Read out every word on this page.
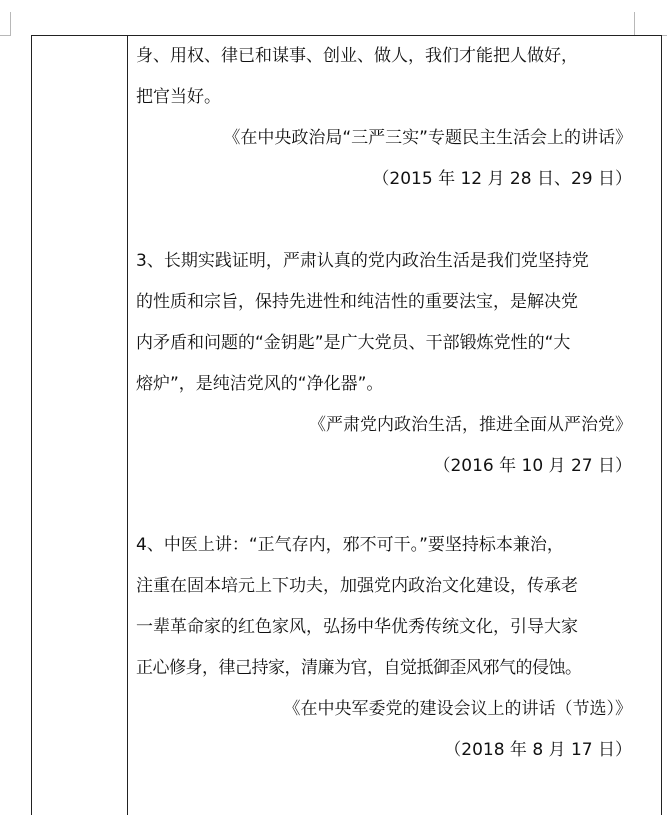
身、用权、律已和谋事、创业、做人，我们才能把人做好，
把官当好。
《在中央政治局“三严三实”专题民主生活会上的讲话》
（2015 年 12 月 28 日、29 日）
3、长期实践证明，严肃认真的党内政治生活是我们党坚持党
的性质和宗旨，保持先进性和纯洁性的重要法宝，是解决党
内矛盾和问题的“金钥匙”是广大党员、干部锻炼党性的“大
熔炉”，是纯洁党风的“净化器”。
《严肃党内政治生活，推进全面从严治党》
（2016 年 10 月 27 日）
4、中医上讲：“正气存内，邪不可干。”要坚持标本兼治，
注重在固本培元上下功夫，加强党内政治文化建设，传承老
一辈革命家的红色家风，弘扬中华优秀传统文化，引导大家
正心修身，律己持家，清廉为官，自觉抵御歪风邪气的侵蚀。
《在中央军委党的建设会议上的讲话（节选）》
（2018 年 8 月 17 日）
